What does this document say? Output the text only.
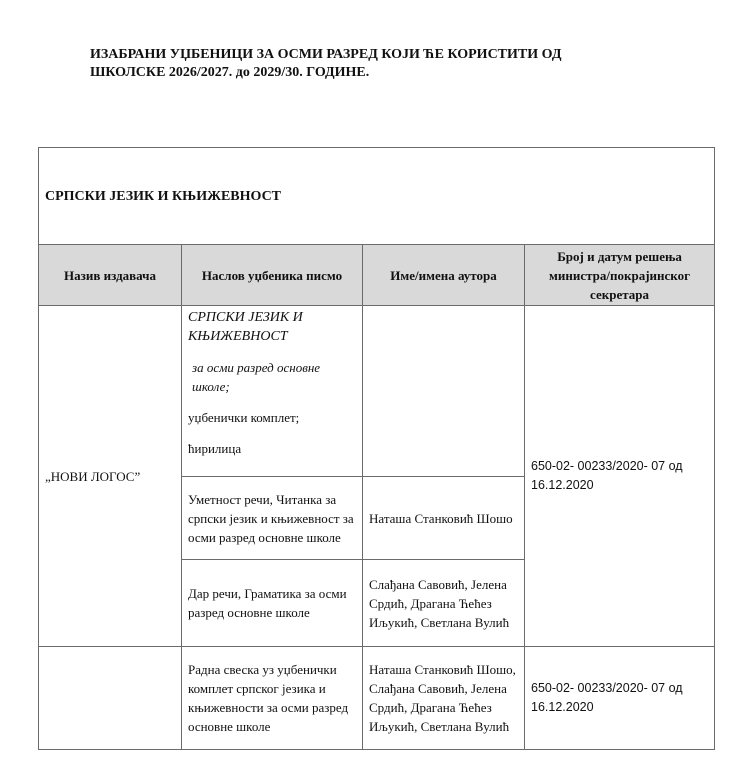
ИЗАБРАНИ УЏБЕНИЦИ ЗА ОСМИ РАЗРЕД КОЈИ ЋЕ КОРИСТИТИ ОД
ШКОЛСКЕ 2026/2027. до 2029/30. ГОДИНЕ.
СРПСКИ ЈЕЗИК И КЊИЖЕВНОСТ			
Назив издавача	Наслов уџбеника писмо	Име/имена аутора	Број и датум решења министра/покрајинског секретара
„НОВИ ЛОГОС”	СРПСКИ ЈЕЗИК И КЊИЖЕВНОСТ

за осми разред основне школе;

уџбенички комплет;

ћирилица		650-02- 00233/2020- 07 од 16.12.2020
	Уметност речи, Читанка за српски језик и књижевност за осми разред основне школе	Наташа Станковић Шошо	
	Дар речи, Граматика за осми разред основне школе	Слађана Савовић, Јелена Срдић, Драгана Ћећез Иљукић, Светлана Вулић	
	Радна свеска уз уџбенички комплет српског језика и књижевности за осми разред основне школе	Наташа Станковић Шошо, Слађана Савовић, Јелена Срдић, Драгана Ћећез Иљукић, Светлана Вулић	650-02- 00233/2020- 07 од 16.12.2020
